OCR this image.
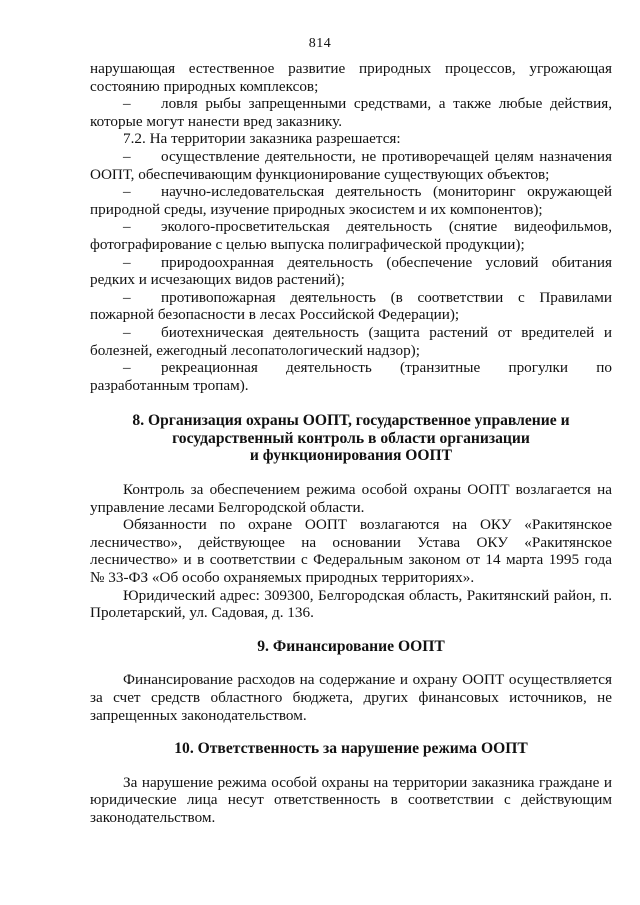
814

нарушающая естественное развитие природных процессов, угрожающая состоянию природных комплексов;

– ловля рыбы запрещенными средствами, а также любые действия, которые могут нанести вред заказнику.

7.2. На территории заказника разрешается:

– осуществление деятельности, не противоречащей целям назначения ООПТ, обеспечивающим функционирование существующих объектов;

– научно-иследовательская деятельность (мониторинг окружающей природной среды, изучение природных экосистем и их компонентов);

– эколого-просветительская деятельность (снятие видеофильмов, фотографирование с целью выпуска полиграфической продукции);

– природоохранная деятельность (обеспечение условий обитания редких и исчезающих видов растений);

– противопожарная деятельность (в соответствии с Правилами пожарной безопасности в лесах Российской Федерации);

– биотехническая деятельность (защита растений от вредителей и болезней, ежегодный лесопатологический надзор);

– рекреационная деятельность (транзитные прогулки по разработанным тропам).

8. Организация охраны ООПТ, государственное управление и

государственный контроль в области организации

и функционирования ООПТ

Контроль за обеспечением режима особой охраны ООПТ возлагается на управление лесами Белгородской области.

Обязанности по охране ООПТ возлагаются на ОКУ «Ракитянское лесничество», действующее на основании Устава ОКУ «Ракитянское лесничество» и в соответствии с Федеральным законом от 14 марта 1995 года № 33-ФЗ «Об особо охраняемых природных территориях».

Юридический адрес: 309300, Белгородская область, Ракитянский район, п. Пролетарский, ул. Садовая, д. 136.

9. Финансирование ООПТ

Финансирование расходов на содержание и охрану ООПТ осуществляется за счет средств областного бюджета, других финансовых источников, не запрещенных законодательством.

10. Ответственность за нарушение режима ООПТ

За нарушение режима особой охраны на территории заказника граждане и юридические лица несут ответственность в соответствии с действующим законодательством.
